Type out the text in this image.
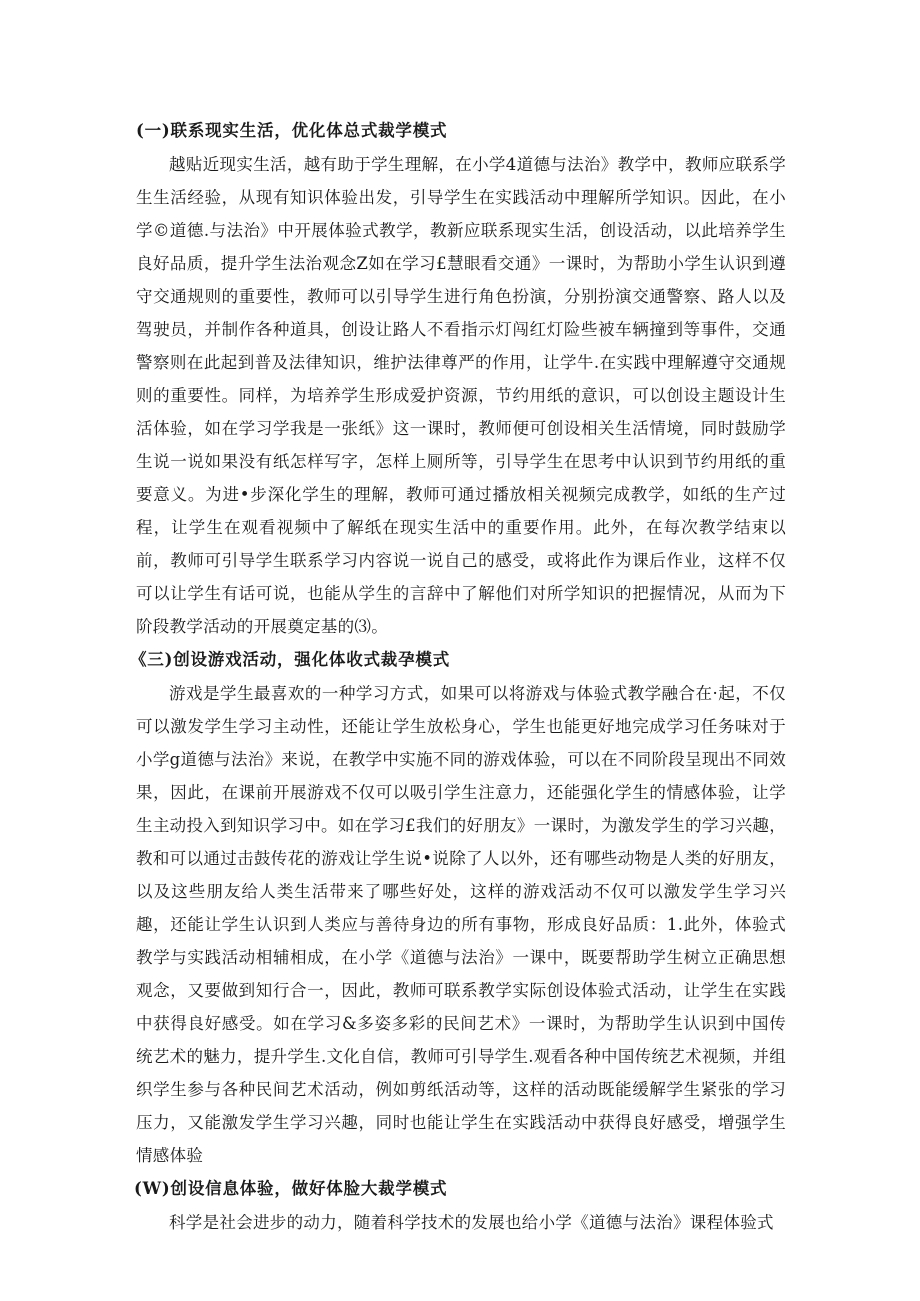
(一)联系现实生活，优化体总式裁学模式

越贴近现实生活，越有助于学生理解，在小学4道德与法治》教学中，教师应联系学生生活经验，从现有知识体验出发，引导学生在实践活动中理解所学知识。因此，在小学©道德.与法治》中开展体验式教学，教新应联系现实生活，创设活动，以此培养学生良好品质，提升学生法治观念Z如在学习£慧眼看交通》一课时，为帮助小学生认识到遵守交通规则的重要性，教师可以引导学生进行角色扮演，分别扮演交通警察、路人以及驾驶员，并制作各种道具，创设让路人不看指示灯闯红灯险些被车辆撞到等事件，交通警察则在此起到普及法律知识，维护法律尊严的作用，让学牛.在实践中理解遵守交通规则的重要性。同样，为培养学生形成爱护资源，节约用纸的意识，可以创设主题设计生活体验，如在学习学我是一张纸》这一课时，教师便可创设相关生活情境，同时鼓励学生说一说如果没有纸怎样写字，怎样上厕所等，引导学生在思考中认识到节约用纸的重要意义。为进•步深化学生的理解，教师可通过播放相关视频完成教学，如纸的生产过程，让学生在观看视频中了解纸在现实生活中的重要作用。此外，在每次教学结束以前，教师可引导学生联系学习内容说一说自己的感受，或将此作为课后作业，这样不仅可以让学生有话可说，也能从学生的言辞中了解他们对所学知识的把握情况，从而为下阶段教学活动的开展奠定基的⑶。

《三)创设游戏活动，强化体收式裁孕模式

游戏是学生最喜欢的一种学习方式，如果可以将游戏与体验式教学融合在·起，不仅可以激发学生学习主动性，还能让学生放松身心，学生也能更好地完成学习任务味对于小学g道德与法治》来说，在教学中实施不同的游戏体验，可以在不同阶段呈现出不同效果，因此，在课前开展游戏不仅可以吸引学生注意力，还能强化学生的情感体验，让学生主动投入到知识学习中。如在学习£我们的好朋友》一课时，为激发学生的学习兴趣，教和可以通过击鼓传花的游戏让学生说•说除了人以外，还有哪些动物是人类的好朋友，以及这些朋友给人类生活带来了哪些好处，这样的游戏活动不仅可以激发学生学习兴趣，还能让学生认识到人类应与善待身边的所有事物，形成良好品质：1.此外，体验式教学与实践活动相辅相成，在小学《道德与法治》一课中，既要帮助学生树立正确思想观念，又要做到知行合一，因此，教师可联系教学实际创设体验式活动，让学生在实践中获得良好感受。如在学习&多姿多彩的民间艺术》一课时，为帮助学生认识到中国传统艺术的魅力，提升学生.文化自信，教师可引导学生.观看各种中国传统艺术视频，并组织学生参与各种民间艺术活动，例如剪纸活动等，这样的活动既能缓解学生紧张的学习压力，又能激发学生学习兴趣，同时也能让学生在实践活动中获得良好感受，增强学生情感体验

(W)创设信息体验，做好体脸大裁学模式

科学是社会进步的动力，随着科学技术的发展也给小学《道德与法治》课程体验式
